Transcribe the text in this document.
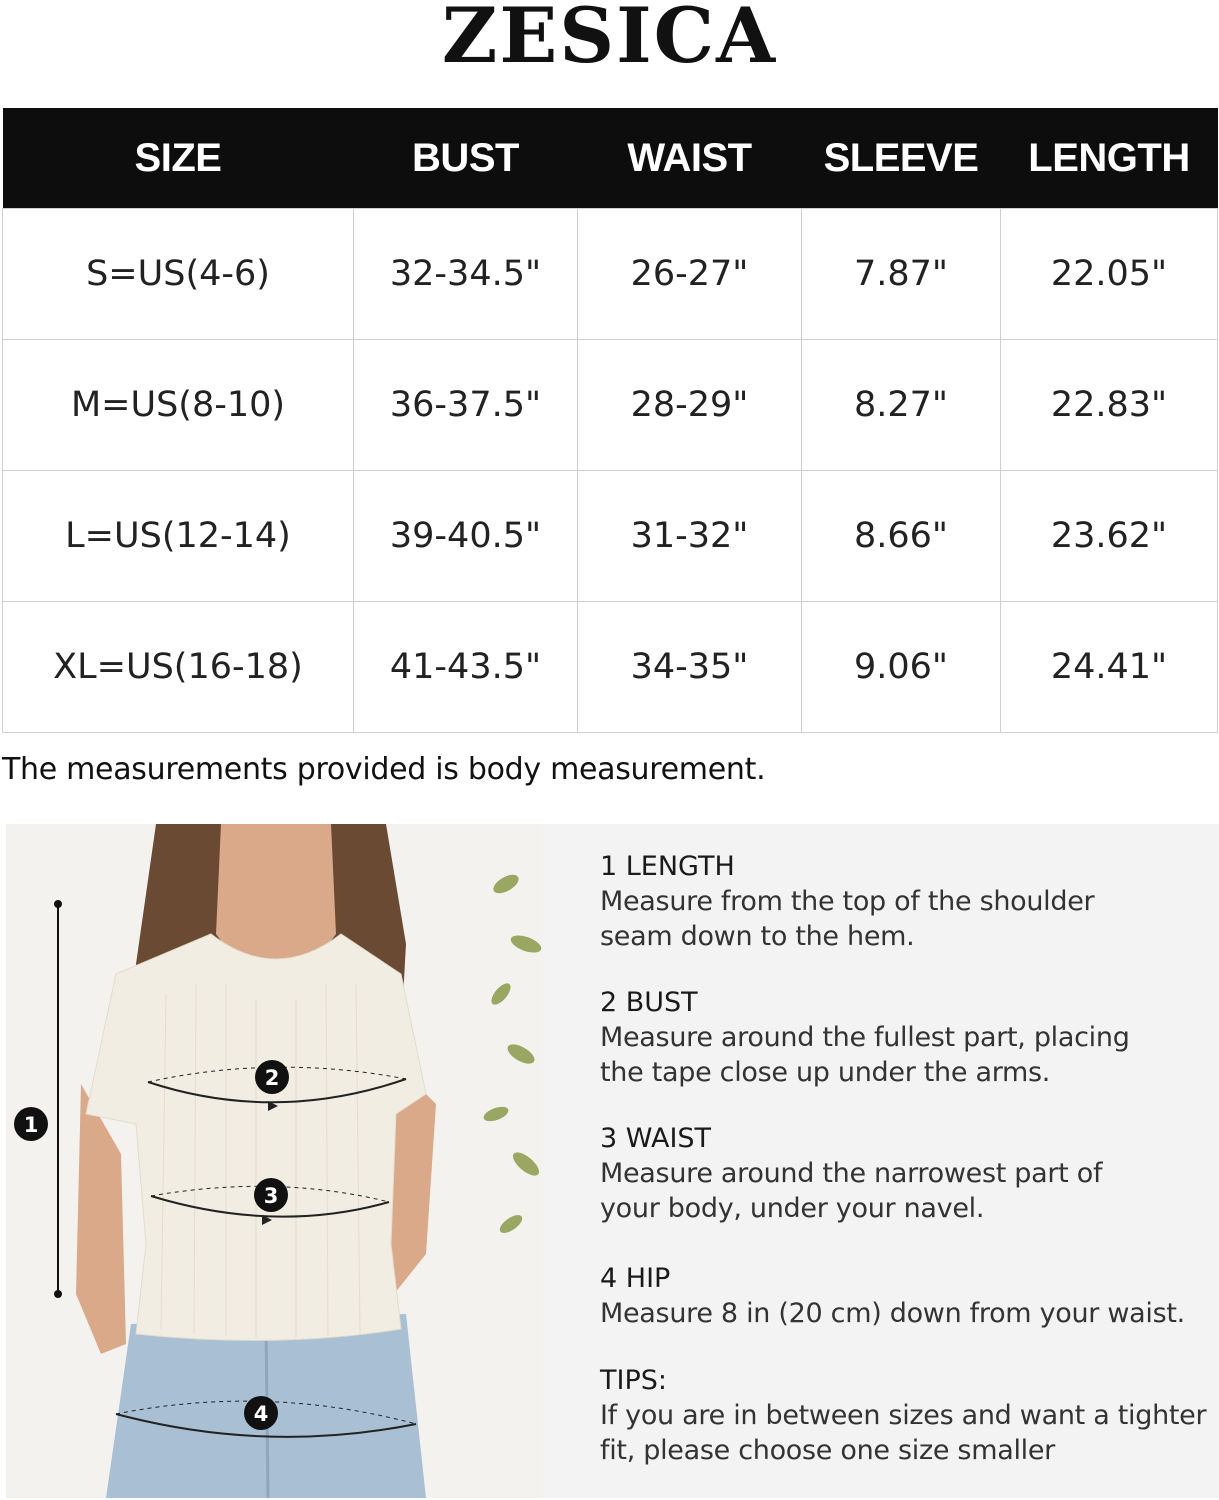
ZESICA
SIZE	BUST	WAIST	SLEEVE	LENGTH
S=US(4-6)	32-34.5"	26-27"	7.87"	22.05"
M=US(8-10)	36-37.5"	28-29"	8.27"	22.83"
L=US(12-14)	39-40.5"	31-32"	8.66"	23.62"
XL=US(16-18)	41-43.5"	34-35"	9.06"	24.41"
The measurements provided is body measurement.
1
2
3
4
1 LENGTH
Measure from the top of the shoulder
seam down to the hem.
2 BUST
Measure around the fullest part, placing
the tape close up under the arms.
3 WAIST
Measure around the narrowest part of
your body, under your navel.
4 HIP
Measure 8 in (20 cm) down from your waist.
TIPS:
If you are in between sizes and want a tighter
fit, please choose one size smaller
